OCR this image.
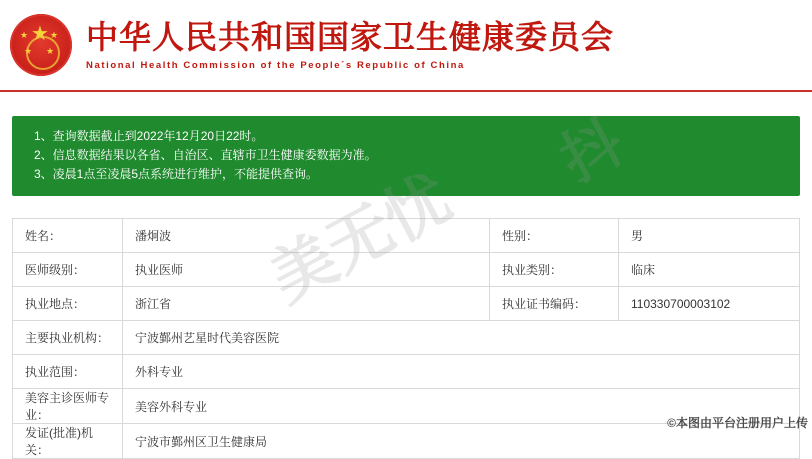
★
★ ★
★ ★ 中华人民共和国国家卫生健康委员会
National Health Commission of the People´s Republic of China
1、查询数据截止到2022年12月20日22时。
2、信息数据结果以各省、自治区、直辖市卫生健康委数据为准。
3、凌晨1点至凌晨5点系统进行维护，不能提供查询。
姓名：	潘炯波	性别：	男
医师级别：	执业医师	执业类别：	临床
执业地点：	浙江省	执业证书编码：	110330700003102
主要执业机构：	宁波鄞州艺星时代美容医院
执业范围：	外科专业
美容主诊医师专业：
美容外科专业
发证(批准)机关：
宁波市鄞州区卫生健康局
美无忧
抖
©本图由平台注册用户上传
